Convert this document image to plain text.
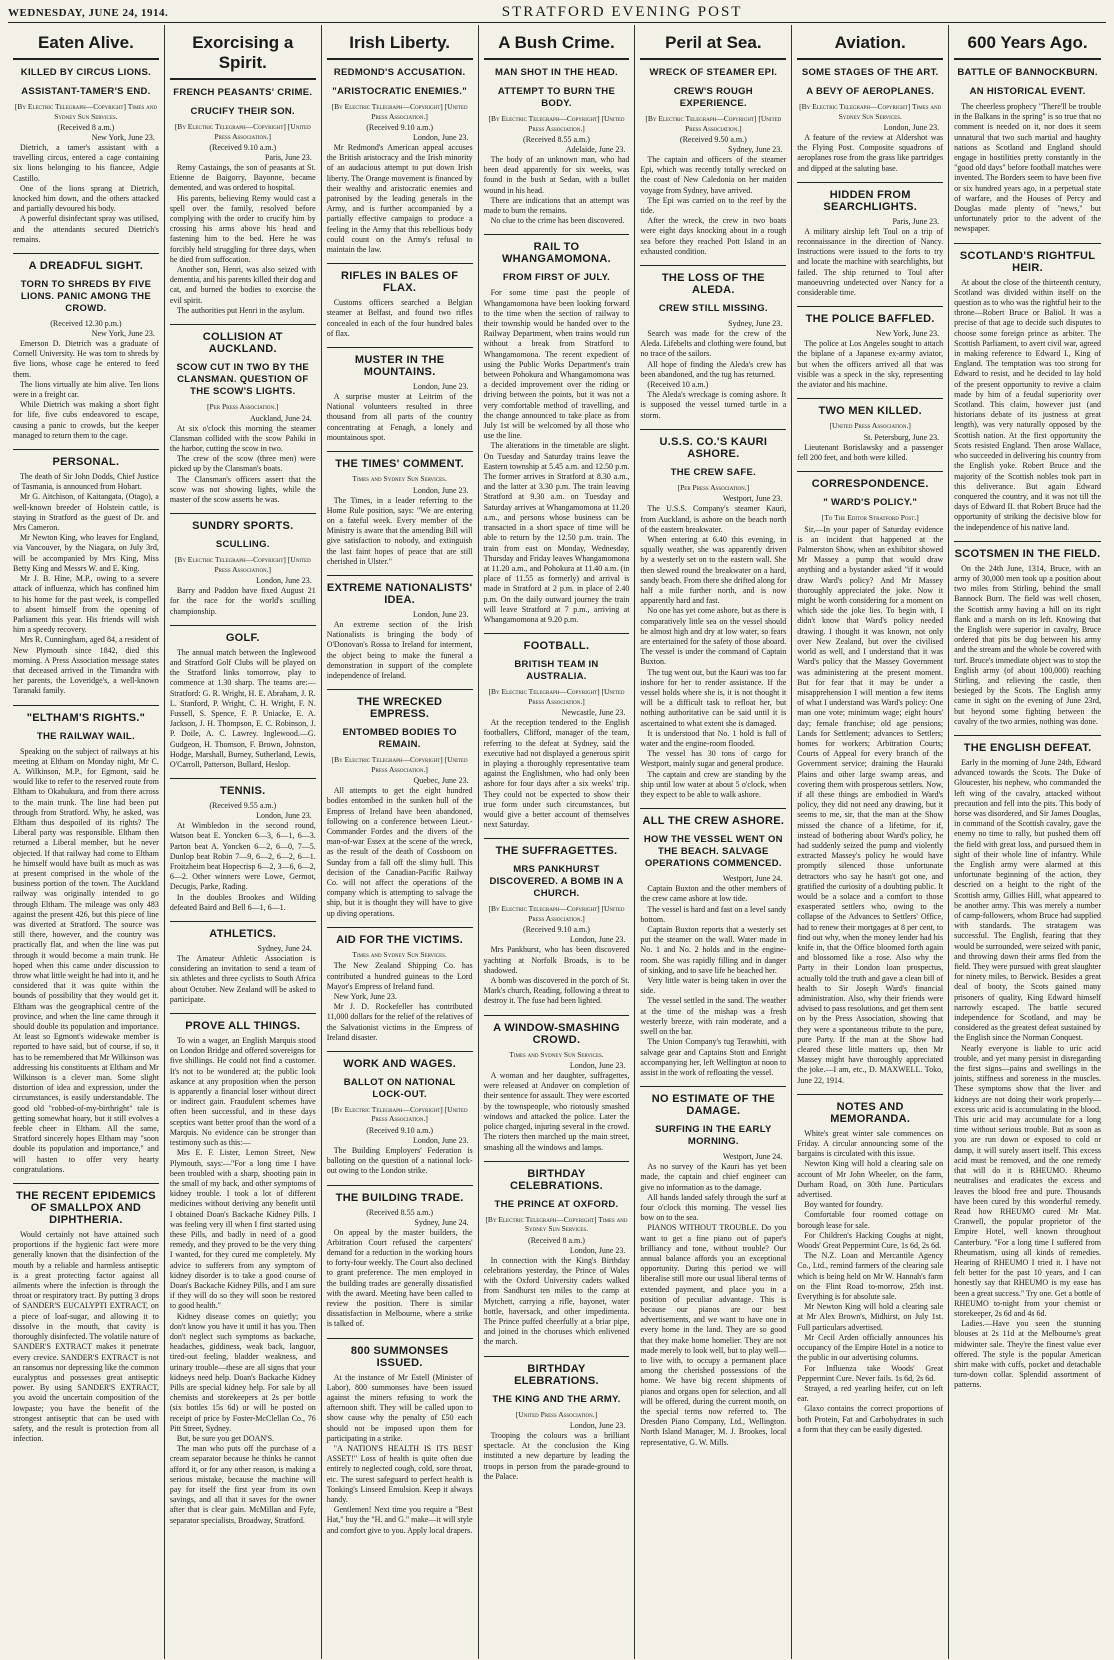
WEDNESDAY, JUNE 24, 1914.	STRATFORD EVENING POST
Eaten Alive.
KILLED BY CIRCUS LIONS.
ASSISTANT-TAMER'S END.
[By Electric Telegraph—Copyright] Times and Sydney Sun Services.
(Received 8 a.m.)
New York, June 23.

Dietrich, a tamer's assistant with a travelling circus, entered a cage containing six lions belonging to his fiancee, Adgie Castillo.

One of the lions sprang at Dietrich, knocked him down, and the others attacked and partially devoured his body.

A powerful disinfectant spray was utilised, and the attendants secured Dietrich's remains.

A DREADFUL SIGHT.
TORN TO SHREDS BY FIVE LIONS. PANIC AMONG THE CROWD.
(Received 12.30 p.m.)
New York, June 23.

Emerson D. Dietrich was a graduate of Cornell University. He was torn to shreds by five lions, whose cage he entered to feed them.

The lions virtually ate him alive. Ten lions were in a freight car.

While Dietrich was making a short fight for life, five cubs endeavored to escape, causing a panic to crowds, but the keeper managed to return them to the cage.

PERSONAL.

The death of Sir John Dodds, Chief Justice of Tasmania, is announced from Hobart.

Mr G. Aitchison, of Kaitangata, (Otago), a well-known breeder of Holstein cattle, is staying in Stratford as the guest of Dr. and Mrs Cameron.

Mr Newton King, who leaves for England, via Vancouver, by the Niagara, on July 3rd, will be accompanied by Mrs King, Miss Betty King and Messrs W. and E. King.

Mr J. B. Hine, M.P., owing to a severe attack of influenza, which has confined him to his home for the past week, is compelled to absent himself from the opening of Parliament this year. His friends will wish him a speedy recovery.

Mrs R. Cunningham, aged 84, a resident of New Plymouth since 1842, died this morning. A Press Association message states that deceased arrived in the Timandra with her parents, the Loveridge's, a well-known Taranaki family.

"ELTHAM'S RIGHTS."
THE RAILWAY WAIL.

Speaking on the subject of railways at his meeting at Eltham on Monday night, Mr C. A. Wilkinson, M.P., for Egmont, said he would like to refer to the reserved route from Eltham to Okahukura, and from there across to the main trunk. The line had been put through from Stratford. Why, he asked, was Eltham thus despoiled of its rights? The Liberal party was responsible. Eltham then returned a Liberal member, but he never objected. If that railway had come to Eltham he himself would have built as much as was at present comprised in the whole of the business portion of the town. The Auckland railway was originally intended to go through Eltham. The mileage was only 483 against the present 426, but this piece of line was diverted at Stratford. The source was still there, however, and the country was practically flat, and when the line was put through it would become a main trunk. He hoped when this came under discussion to throw what little weight he had into it, and he considered that it was quite within the bounds of possibility that they would get it. Eltham was the geographical centre of the province, and when the line came through it should double its population and importance. At least so Egmont's widewake member is reported to have said, but of course, if so, it has to be remembered that Mr Wilkinson was addressing his constituents at Eltham and Mr Wilkinson is a clever man. Some slight distortion of idea and expression, under the circumstances, is easily understandable. The good old "robbed-of-my-birthright" tale is getting somewhat hoary, but it still evolves a feeble cheer in Eltham. All the same, Stratford sincerely hopes Eltham may "soon double its population and importance," and will hasten to offer very hearty congratulations.

THE RECENT EPIDEMICS OF SMALLPOX AND DIPHTHERIA.

Would certainly not have attained such proportions if the hygienic fact were more generally known that the disinfection of the mouth by a reliable and harmless antiseptic is a great protecting factor against all ailments where the infection is through the throat or respiratory tract. By putting 3 drops of SANDER'S EUCALYPTI EXTRACT, on a piece of loaf-sugar, and allowing it to dissolve in the mouth, that cavity is thoroughly disinfected. The volatile nature of SANDER'S EXTRACT makes it penetrate every crevice. SANDER'S EXTRACT is not an ransomus nor depressing like the common eucalyptus and possesses great antiseptic power. By using SANDER'S EXTRACT, you avoid the uncertain composition of the lowpaste; you have the benefit of the strongest antiseptic that can be used with safety, and the result is protection from all infection.

Exorcising a Spirit.
FRENCH PEASANTS' CRIME.
CRUCIFY THEIR SON.
[By Electric Telegraph—Copyright] [United Press Association.]
(Received 9.10 a.m.)
Paris, June 23.

Remy Castaings, the son of peasants at St. Etienne de Baigorry, Bayonne, became demented, and was ordered to hospital.

His parents, believing Remy would cast a spell over the family, resolved before complying with the order to crucify him by crossing his arms above his head and fastening him to the bed. Here he was forcibly held struggling for three days, when he died from suffocation.

Another son, Henri, was also seized with dementia, and his parents killed their dog and cat, and burned the bodies to exorcise the evil spirit.

The authorities put Henri in the asylum.

COLLISION AT AUCKLAND.
SCOW CUT IN TWO BY THE CLANSMAN. QUESTION OF THE SCOW'S LIGHTS.
[Per Press Association.]
Auckland, June 24.

At six o'clock this morning the steamer Clansman collided with the scow Pahiki in the harbor, cutting the scow in two.

The crew of the scow (three men) were picked up by the Clansman's boats.

The Clansman's officers assert that the scow was not showing lights, while the master of the scow asserts he was.

SUNDRY SPORTS.
SCULLING.
[By Electric Telegraph—Copyright] [United Press Association.]
London, June 23.

Barry and Paddon have fixed August 21 for the race for the world's sculling championship.

GOLF.

The annual match between the Inglewood and Stratford Golf Clubs will be played on the Stratford links tomorrow, play to commence at 1.30 sharp. The teams are:—Stratford: G. R. Wright, H. E. Abraham, J. R. L. Stanford, P. Wright, C. H. Wright, F. N. Fussell, S. Spence, F. P. Uniacke, E. A. Jackson, J. H. Thompson, E. C. Robinson, J. P. Doile, A. C. Lawrey. Inglewood.—G. Gudgeon, H. Thomson, F. Brown, Johnston, Hodge, Marshall, Burney, Sutherland, Lewis, O'Carroll, Patterson, Bullard, Heslop.

TENNIS.
(Received 9.55 a.m.)
London, June 23.

At Wimbledon in the second round, Watson beat E. Yoncken 6—3, 6—1, 6—3. Parton beat A. Yoncken 6—2, 6—0, 7—5. Dunlop beat Robin 7—9, 6—2, 6—2, 6—1. Froitzheim beat Hopecrisp 6—2, 3—6, 6—2, 6—2. Other winners were Lowe, Germot, Decugis, Parke, Rading.

In the doubles Brookes and Wilding defeated Baird and Bell 6—1, 6—1.

ATHLETICS.
Sydney, June 24.

The Amateur Athletic Association is considering an invitation to send a team of six athletes and three cyclists to South Africa about October. New Zealand will be asked to participate.

PROVE ALL THINGS.

To win a wager, an English Marquis stood on London Bridge and offered sovereigns for five shillings. He could not find a customer. It's not to be wondered at; the public look askance at any proposition when the person is apparently a financial loser without direct or indirect gain. Fraudulent schemes have often been successful, and in these days sceptics want better proof than the word of a Marquis. No evidence can be stronger than testimony such as this:—

Mrs E. F. Lister, Lemon Street, New Plymouth, says:—"For a long time I have been troubled with a sharp, shooting pain in the small of my back, and other symptoms of kidney trouble. I took a lot of different medicines without deriving any benefit until I obtained Doan's Backache Kidney Pills. I was feeling very ill when I first started using these Pills, and badly in need of a good remedy, and they proved to be the very thing I wanted, for they cured me completely. My advice to sufferers from any symptom of kidney disorder is to take a good course of Doan's Backache Kidney Pills, and I am sure if they will do so they will soon be restored to good health."

Kidney disease comes on quietly; you don't know you have it until it has you. Then don't neglect such symptoms as backache, headaches, giddiness, weak back, languor, tired-out feeling, bladder weakness, and urinary trouble—these are all signs that your kidneys need help. Doan's Backache Kidney Pills are special kidney help. For sale by all chemists and storekeepers at 2s per bottle (six bottles 15s 6d) or will be posted on receipt of price by Foster-McClellan Co., 76 Pitt Street, Sydney.

But, be sure you get DOAN'S.

The man who puts off the purchase of a cream separator because he thinks he cannot afford it, or for any other reason, is making a serious mistake, because the machine will pay for itself the first year from its own savings, and all that it saves for the owner after that is clear gain. McMillan and Fyfe, separator specialists, Broadway, Stratford.

Irish Liberty.
REDMOND'S ACCUSATION.
"ARISTOCRATIC ENEMIES."
[By Electric Telegraph—Copyright] [United Press Association.]
(Received 9.10 a.m.)
London, June 23.

Mr Redmond's American appeal accuses the British aristocracy and the Irish minority of an audacious attempt to put down Irish liberty. The Orange movement is financed by their wealthy and aristocratic enemies and patronised by the leading generals in the Army, and is further accompanied by a partially effective campaign to produce a feeling in the Army that this rebellious body could count on the Army's refusal to maintain the law.

RIFLES IN BALES OF FLAX.

Customs officers searched a Belgian steamer at Belfast, and found two rifles concealed in each of the four hundred bales of flax.

MUSTER IN THE MOUNTAINS.
London, June 23.

A surprise muster at Leitrim of the National volunteers resulted in three thousand from all parts of the country concentrating at Fenagh, a lonely and mountainous spot.

THE TIMES' COMMENT.
Times and Sydney Sun Services.
London, June 23.

The Times, in a leader referring to the Home Rule position, says: "We are entering on a fateful week. Every member of the Ministry is aware that the amending Bill will give satisfaction to nobody, and extinguish the last faint hopes of peace that are still cherished in Ulster."

EXTREME NATIONALISTS' IDEA.
London, June 23.

An extreme section of the Irish Nationalists is bringing the body of O'Donovan's Rossa to Ireland for interment, the object being to make the funeral a demonstration in support of the complete independence of Ireland.

THE WRECKED EMPRESS.
ENTOMBED BODIES TO REMAIN.
[By Electric Telegraph—Copyright] [United Press Association.]
Quebec, June 23.

All attempts to get the eight hundred bodies entombed in the sunken hull of the Empress of Ireland have been abandoned, following on a conference between Lieut.-Commander Fordes and the divers of the man-of-war Essex at the scene of the wreck, as the result of the death of Cossboom on Sunday from a fall off the slimy hull. This decision of the Canadian-Pacific Railway Co. will not affect the operations of the company which is attempting to salvage the ship, but it is thought they will have to give up diving operations.

AID FOR THE VICTIMS.
Times and Sydney Sun Services.

The New Zealand Shipping Co. has contributed a hundred guineas to the Lord Mayor's Empress of Ireland fund.

New York, June 23.

Mr J. D. Rockefeller has contributed 11,000 dollars for the relief of the relatives of the Salvationist victims in the Empress of Ireland disaster.

WORK AND WAGES.
BALLOT ON NATIONAL LOCK-OUT.
[By Electric Telegraph—Copyright] [United Press Association.]
(Received 9.10 a.m.)
London, June 23.

The Building Employers' Federation is balloting on the question of a national lock-out owing to the London strike.

THE BUILDING TRADE.
(Received 8.55 a.m.)
Sydney, June 24.

On appeal by the master builders, the Arbitration Court refused the carpenters' demand for a reduction in the working hours to forty-four weekly. The Court also declined to grant preference. The men employed in the building trades are generally dissatisfied with the award. Meeting have been called to review the position. There is similar dissatisfaction in Melbourne, where a strike is talked of.

800 SUMMONSES ISSUED.

At the instance of Mr Estell (Minister of Labor), 800 summonses have been issued against the miners refusing to work the afternoon shift. They will be called upon to show cause why the penalty of £50 each should not be imposed upon them for participating in a strike.

"A NATION'S HEALTH IS ITS BEST ASSET!" Loss of health is quite often due entirely to neglected cough, cold, sore throat, etc. The surest safeguard to perfect health is Tonking's Linseed Emulsion. Keep it always handy.

Gentlemen! Next time you require a "Best Hat," buy the "H. and G." make—it will style and comfort give to you. Apply local drapers.

A Bush Crime.
MAN SHOT IN THE HEAD.
ATTEMPT TO BURN THE BODY.
[By Electric Telegraph—Copyright] [United Press Association.]
(Received 8.55 a.m.)
Adelaide, June 23.

The body of an unknown man, who had been dead apparently for six weeks, was found in the bush at Sedan, with a bullet wound in his head.

There are indications that an attempt was made to burn the remains.

No clue to the crime has been discovered.

RAIL TO WHANGAMOMONA.
FROM FIRST OF JULY.

For some time past the people of Whangamomona have been looking forward to the time when the section of railway to their township would be handed over to the Railway Department, when trains would run without a break from Stratford to Whangamomona. The recent expedient of using the Public Works Department's train between Pohokura and Whangamomona was a decided improvement over the riding or driving between the points, but it was not a very comfortable method of travelling, and the change announced to take place as from July 1st will be welcomed by all those who use the line.

The alterations in the timetable are slight. On Tuesday and Saturday trains leave the Eastern township at 5.45 a.m. and 12.50 p.m. The former arrives in Stratford at 8.30 a.m., and the latter at 3.30 p.m. The train leaving Stratford at 9.30 a.m. on Tuesday and Saturday arrives at Whangamomona at 11.20 a.m., and persons whose business can be transacted in a short space of time will be able to return by the 12.50 p.m. train. The train from east on Monday, Wednesday, Thursday and Friday leaves Whangamomona at 11.20 a.m., and Pohokura at 11.40 a.m. (in place of 11.55 as formerly) and arrival is made in Stratford at 2 p.m. in place of 2.40 p.m. On the daily outward journey the train will leave Stratford at 7 p.m., arriving at Whangamomona at 9.20 p.m.

FOOTBALL.
BRITISH TEAM IN AUSTRALIA.
[By Electric Telegraph—Copyright] [United Press Association.]
Newcastle, June 23.

At the reception tendered to the English footballers, Clifford, manager of the team, referring to the defeat at Sydney, said the executive had not displayed a generous spirit in playing a thoroughly representative team against the Englishmen, who had only been ashore for four days after a six weeks' trip. They could not be expected to show their true form under such circumstances, but would give a better account of themselves next Saturday.

THE SUFFRAGETTES.
MRS PANKHURST DISCOVERED. A BOMB IN A CHURCH.
[By Electric Telegraph—Copyright] [United Press Association.]
(Received 9.10 a.m.)
London, June 23.

Mrs Pankhurst, who has been discovered yachting at Norfolk Broads, is to be shadowed.

A bomb was discovered in the porch of St. Mark's church, Reading, following a threat to destroy it. The fuse had been lighted.

A WINDOW-SMASHING CROWD.
Times and Sydney Sun Services.
London, June 23.

A woman and her daughter, suffragettes, were released at Andover on completion of their sentence for assault. They were escorted by the townspeople, who riotously smashed windows and attacked the police. Later the police charged, injuring several in the crowd. The rioters then marched up the main street, smashing all the windows and lamps.

BIRTHDAY CELEBRATIONS.
THE PRINCE AT OXFORD.
[By Electric Telegraph—Copyright] Times and Sydney Sun Services.
(Received 8 a.m.)
London, June 23.

In connection with the King's Birthday celebrations yesterday, the Prince of Wales with the Oxford University cadets walked from Sandhurst ten miles to the camp at Mytchett, carrying a rifle, bayonet, water bottle, haversack, and other impedimenta. The Prince puffed cheerfully at a briar pipe, and joined in the choruses which enlivened the march.

BIRTHDAY ELEBRATIONS.
THE KING AND THE ARMY.
[United Press Association.]
London, June 23.

Trooping the colours was a brilliant spectacle. At the conclusion the King instituted a new departure by leading the troops in person from the parade-ground to the Palace.

Peril at Sea.
WRECK OF STEAMER EPI.
CREW'S ROUGH EXPERIENCE.
[By Electric Telegraph—Copyright] [United Press Association.]
(Received 9.50 a.m.)
Sydney, June 23.

The captain and officers of the steamer Epi, which was recently totally wrecked on the coast of New Caledonia on her maiden voyage from Sydney, have arrived.

The Epi was carried on to the reef by the tide.

After the wreck, the crew in two boats were eight days knocking about in a rough sea before they reached Pott Island in an exhausted condition.

THE LOSS OF THE ALEDA.
CREW STILL MISSING.
Sydney, June 23.

Search was made for the crew of the Aleda. Lifebelts and clothing were found, but no trace of the sailors.

All hope of finding the Aleda's crew has been abandoned, and the tug has returned.

(Received 10 a.m.)

The Aleda's wreckage is coming ashore. It is supposed the vessel turned turtle in a storm.

U.S.S. CO.'S KAURI ASHORE.
THE CREW SAFE.
[Per Press Association.]
Westport, June 23.

The U.S.S. Company's steamer Kauri, from Auckland, is ashore on the beach north of the eastern breakwater.

When entering at 6.40 this evening, in squally weather, she was apparently driven by a westerly set on to the eastern wall. She then slewed round the breakwater on a hard, sandy beach. From there she drifted along for half a mile further north, and is now apparently hard and fast.

No one has yet come ashore, but as there is comparatively little sea on the vessel should be almost high and dry at low water, so fears are entertained for the safety of those aboard. The vessel is under the command of Captain Buxton.

The tug went out, but the Kauri was too far inshore for her to render assistance. If the vessel holds where she is, it is not thought it will be a difficult task to refloat her, but nothing authoritative can be said until it is ascertained to what extent she is damaged.

It is understood that No. 1 hold is full of water and the engine-room flooded.

The vessel has 30 tons of cargo for Westport, mainly sugar and general produce.

The captain and crew are standing by the ship until low water at about 5 o'clock, when they expect to be able to walk ashore.

ALL THE CREW ASHORE.
HOW THE VESSEL WENT ON THE BEACH. SALVAGE OPERATIONS COMMENCED.
Westport, June 24.

Captain Buxton and the other members of the crew came ashore at low tide.

The vessel is hard and fast on a level sandy bottom.

Captain Buxton reports that a westerly set put the steamer on the wall. Water made in No. 1 and No. 2 holds and in the engine-room. She was rapidly filling and in danger of sinking, and to save life he beached her.

Very little water is being taken in over the side.

The vessel settled in the sand. The weather at the time of the mishap was a fresh westerly breeze, with rain moderate, and a swell on the bar.

The Union Company's tug Terawhiti, with salvage gear and Captains Stott and Enright accompanying her, left Wellington at noon to assist in the work of refloating the vessel.

NO ESTIMATE OF THE DAMAGE.
SURFING IN THE EARLY MORNING.
Westport, June 24.

As no survey of the Kauri has yet been made, the captain and chief engineer can give no information as to the damage.

All hands landed safely through the surf at four o'clock this morning. The vessel lies bow on to the sea.

PIANOS WITHOUT TROUBLE. Do you want to get a fine piano out of paper's brilliancy and tone, without trouble? Our annual balance affords you an exceptional opportunity. During this period we will liberalise still more our usual liberal terms of extended payment, and place you in a position of peculiar advantage. This is because our pianos are our best advertisements, and we want to have one in every home in the land. They are so good that they make home homelier. They are not made merely to look well, but to play well—to live with, to occupy a permanent place among the cherished possessions of the home. We have big recent shipments of pianos and organs open for selection, and all will be offered, during the current month, on the special terms now referred to. The Dresden Piano Company, Ltd., Wellington. North Island Manager, M. J. Brookes, local representative, G. W. Mills.

Aviation.
SOME STAGES OF THE ART.
A BEVY OF AEROPLANES.
[By Electric Telegraph—Copyright] Times and Sydney Sun Services.
London, June 23.

A feature of the review at Aldershot was the Flying Post. Composite squadrons of aeroplanes rose from the grass like partridges and dipped at the saluting base.

HIDDEN FROM SEARCHLIGHTS.
Paris, June 23.

A military airship left Toul on a trip of reconnaissance in the direction of Nancy. Instructions were issued to the forts to try and locate the machine with searchlights, but failed. The ship returned to Toul after manoeuvring undetected over Nancy for a considerable time.

THE POLICE BAFFLED.
New York, June 23.

The police at Los Angeles sought to attach the biplane of a Japanese ex-army aviator, but when the officers arrived all that was visible was a speck in the sky, representing the aviator and his machine.

TWO MEN KILLED.
[United Press Association.]
St. Petersburg, June 23.

Lieutenant Borislawsky and a passenger fell 200 feet, and both were killed.

CORRESPONDENCE.
" WARD'S POLICY."
[To The Editor Stratford Post.]

Sir,—In your paper of Saturday evidence is an incident that happened at the Palmerston Show, when an exhibitor showed Mr Massey a pump that would draw anything and a bystander asked "if it would draw Ward's policy? And Mr Massey thoroughly appreciated the joke. Now it might be worth considering for a moment on which side the joke lies. To begin with, I didn't know that Ward's policy needed drawing. I thought it was known, not only over New Zealand, but over the civilised world as well, and I understand that it was Ward's policy that the Massey Government was administering at the present moment. But for fear that it may be under a misapprehension I will mention a few items of what I understand was Ward's policy: One man one vote; minimum wage; eight hours' day; female franchise; old age pensions; Lands for Settlement; advances to Settlers; homes for workers; Arbitration Courts; Courts of Appeal for every branch of the Government service; draining the Hauraki Plains and other large swamp areas, and covering them with prosperous settlers. Now, if all these things are embodied in Ward's policy, they did not need any drawing, but it seems to me, sir, that the man at the Show missed the chance of a lifetime, for if, instead of bothering about Ward's policy, he had suddenly seized the pump and violently extracted Massey's policy he would have promptly silenced those unfortunate detractors who say he hasn't got one, and gratified the curiosity of a doubting public. It would be a solace and a comfort to those exasperated settlers who, owing to the collapse of the Advances to Settlers' Office, had to renew their mortgages at 8 per cent, to find out why, when the money lender had his knife in, that the Office bloomed forth again and blossomed like a rose. Also why the Party in their London loan prospectus, actually told the truth and gave a clean bill of health to Sir Joseph Ward's financial administration. Also, why their friends were advised to pass resolutions, and get them sent on by the Press Association, showing that they were a spontaneous tribute to the pure, pure Party. If the man at the Show had cleared these little matters up, then Mr Massey might have thoroughly appreciated the joke.—I am, etc., D. MAXWELL. Toko, June 22, 1914.

NOTES AND MEMORANDA.

White's great winter sale commences on Friday. A circular announcing some of the bargains is circulated with this issue.

Newton King will hold a clearing sale on account of Mr John Wheeler, on the farm, Durham Road, on 30th June. Particulars advertised.

Boy wanted for foundry.

Comfortable four roomed cottage on borough lease for sale.

For Children's Hacking Coughs at night, Woods' Great Peppermint Cure, 1s 6d, 2s 6d.

The N.Z. Loan and Mercantile Agency Co., Ltd., remind farmers of the clearing sale which is being held on Mr W. Hannah's farm on the Flint Road to-morrow, 25th inst. Everything is for absolute sale.

Mr Newton King will hold a clearing sale at Mr Alex Brown's, Midhirst, on July 1st. Full particulars advertised.

Mr Cecil Arden officially announces his occupancy of the Empire Hotel in a notice to the public in our advertising columns.

For Influenza take Woods' Great Peppermint Cure. Never fails. 1s 6d, 2s 6d.

Strayed, a red yearling heifer, cut on left ear.

Glaxo contains the correct proportions of both Protein, Fat and Carbohydrates in such a form that they can be easily digested.

600 Years Ago.
BATTLE OF BANNOCKBURN.
AN HISTORICAL EVENT.

The cheerless prophecy "There'll be trouble in the Balkans in the spring" is so true that no comment is needed on it, nor does it seem unnatural that two such martial and haughty nations as Scotland and England should engage in hostilities pretty constantly in the "good old days" before football matches were invented. The Borders seem to have been five or six hundred years ago, in a perpetual state of warfare, and the Houses of Percy and Douglas made plenty of "news," but unfortunately prior to the advent of the newspaper.

SCOTLAND'S RIGHTFUL HEIR.

At about the close of the thirteenth century, Scotland was divided within itself on the question as to who was the rightful heir to the throne—Robert Bruce or Baliol. It was a precise of that age to decide such disputes to choose some foreign prince as arbiter. The Scottish Parliament, to avert civil war, agreed in making reference to Edward I., King of England. The temptation was too strong for Edward to resist, and he decided to lay hold of the present opportunity to revive a claim made by him of a feudal superiority over Scotland. This claim, however just (and historians debate of its justness at great length), was very naturally opposed by the Scottish nation. At the first opportunity the Scots resisted England. Then arose Wallace, who succeeded in delivering his country from the English yoke. Robert Bruce and the majority of the Scottish nobles took part in this deliverance. But again Edward conquered the country, and it was not till the days of Edward II. that Robert Bruce had the opportunity of striking the decisive blow for the independence of his native land.

SCOTSMEN IN THE FIELD.

On the 24th June, 1314, Bruce, with an army of 30,000 men took up a position about two miles from Stirling, behind the small Bannock Burn. The field was well chosen, the Scottish army having a hill on its right flank and a marsh on its left. Knowing that the English were superior in cavalry, Bruce ordered that pits be dug between his army and the stream and the whole be covered with turf. Bruce's immediate object was to stop the English army (of about 100,000) reaching Stirling, and relieving the castle, then besieged by the Scots. The English army came in sight on the evening of June 23rd, but beyond some fighting between the cavalry of the two armies, nothing was done.

THE ENGLISH DEFEAT.

Early in the morning of June 24th, Edward advanced towards the Scots. The Duke of Gloucester, his nephew, who commanded the left wing of the cavalry, attacked without precaution and fell into the pits. This body of horse was disordered, and Sir James Douglas, in command of the Scottish cavalry, gave the enemy no time to rally, but pushed them off the field with great loss, and pursued them in sight of their whole line of infantry. While the English army were alarmed at this unfortunate beginning of the action, they descried on a height to the right of the Scottish army, Gillies Hill, what appeared to be another army. This was merely a number of camp-followers, whom Bruce had supplied with standards. The stratagem was successful. The English, fearing that they would be surrounded, were seized with panic, and throwing down their arms fled from the field. They were pursued with great slaughter for ninety miles, to Berwick. Besides a great deal of booty, the Scots gained many prisoners of quality, King Edward himself narrowly escaped. The battle secured independence for Scotland, and may be considered as the greatest defeat sustained by the English since the Norman Conquest.

Nearly everyone is liable to uric acid trouble, and yet many persist in disregarding the first signs—pains and swellings in the joints, stiffness and soreness in the muscles. These symptoms show that the liver and kidneys are not doing their work properly—excess uric acid is accumulating in the blood. This uric acid may accumulate for a long time without serious trouble. But as soon as you are run down or exposed to cold or damp, it will surely assert itself. This excess acid must be removed, and the one remedy that will do it is RHEUMO. Rheumo neutralises and eradicates the excess and leaves the blood free and pure. Thousands have been cured by this wonderful remedy. Read how RHEUMO cured Mr Mat. Cranwell, the popular proprietor of the Empire Hotel, well known throughout Canterbury. "For a long time I suffered from Rheumatism, using all kinds of remedies. Hearing of RHEUMO I tried it. I have not felt better for the past 10 years, and I can honestly say that RHEUMO is my ease has been a great success." Try one. Get a bottle of RHEUMO to-night from your chemist or storekeeper, 2s 6d and 4s 6d.

Ladies.—Have you seen the stunning blouses at 2s 11d at the Melbourne's great midwinter sale. They're the finest value ever offered. The style is the popular American shirt make with cuffs, pocket and detachable turn-down collar. Splendid assortment of patterns.
